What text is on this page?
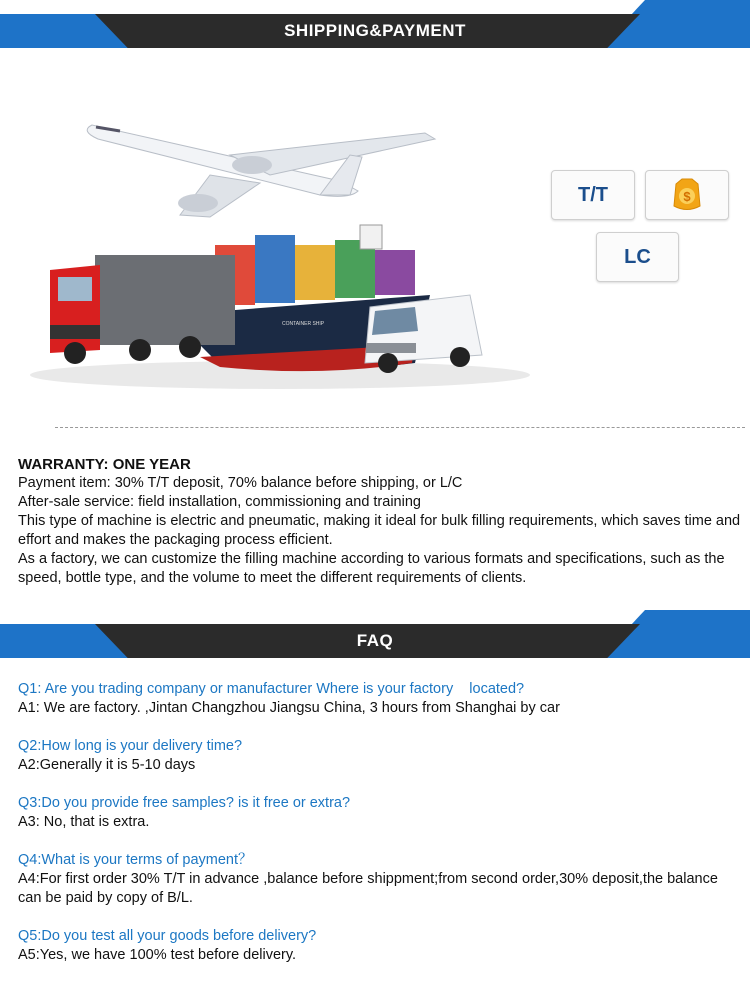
SHIPPING&PAYMENT
CONTAINER SHIP
T/T	$
LC
WARRANTY: ONE YEAR
Payment item: 30% T/T deposit, 70% balance before shipping, or L/C
After-sale service: field installation, commissioning and training
This type of machine is electric and pneumatic, making it ideal for bulk filling requirements, which saves time and effort and makes the packaging process efficient.
As a factory, we can customize the filling machine according to various formats and specifications, such as the speed, bottle type, and the volume to meet the different requirements of clients.
FAQ
Q1: Are you trading company or manufacturer Where is your factory    located?
A1: We are factory. ,Jintan Changzhou Jiangsu China, 3 hours from Shanghai by car
Q2:How long is your delivery time?
A2:Generally it is 5-10 days
Q3:Do you provide free samples? is it free or extra?
A3: No, that is extra.
Q4:What is your terms of payment？
A4:For first order 30% T/T in advance ,balance before shippment;from second order,30% deposit,the balance can be paid by copy of B/L.
Q5:Do you test all your goods before delivery?
A5:Yes, we have 100% test before delivery.
